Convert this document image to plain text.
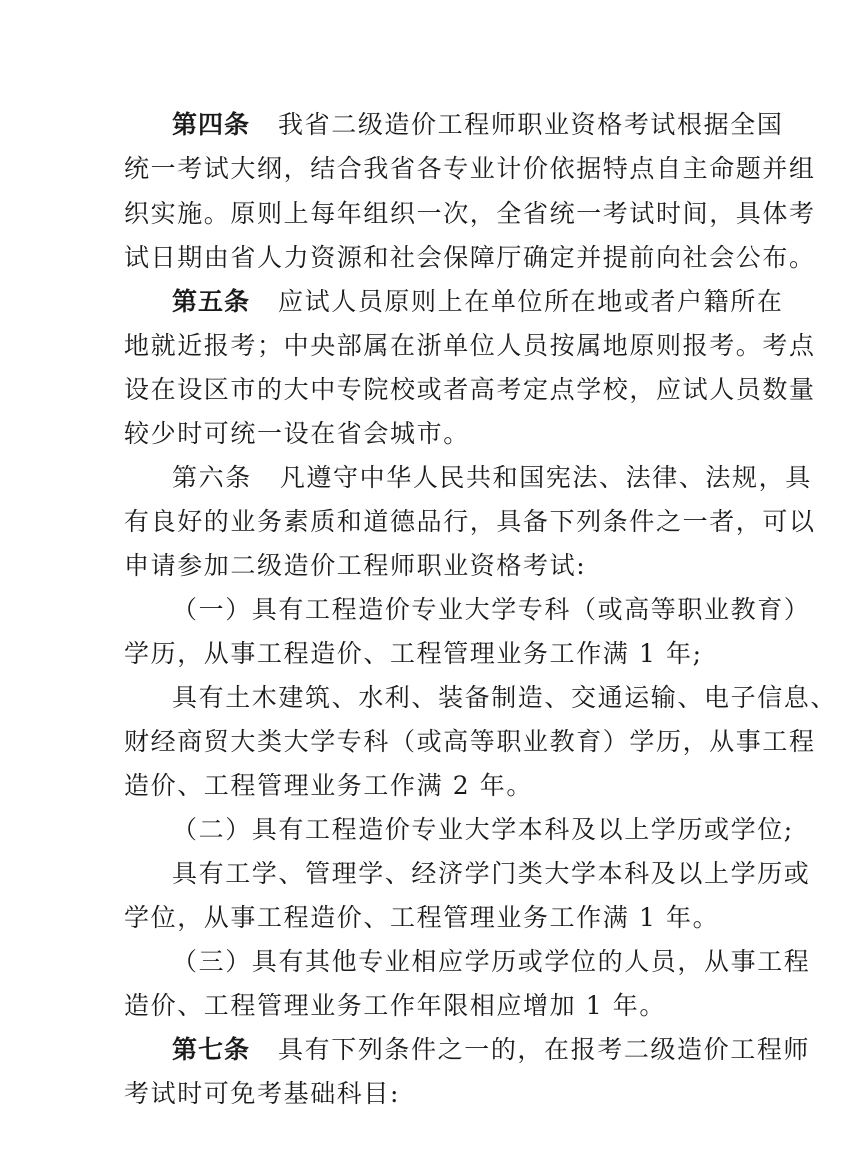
第四条 我省二级造价工程师职业资格考试根据全国
统一考试大纲，结合我省各专业计价依据特点自主命题并组
织实施。原则上每年组织一次，全省统一考试时间，具体考
试日期由省人力资源和社会保障厅确定并提前向社会公布。
第五条 应试人员原则上在单位所在地或者户籍所在
地就近报考；中央部属在浙单位人员按属地原则报考。考点
设在设区市的大中专院校或者高考定点学校，应试人员数量
较少时可统一设在省会城市。
第六条 凡遵守中华人民共和国宪法、法律、法规，具
有良好的业务素质和道德品行，具备下列条件之一者，可以
申请参加二级造价工程师职业资格考试:
（一）具有工程造价专业大学专科（或高等职业教育）
学历，从事工程造价、工程管理业务工作满 1 年;
具有土木建筑、水利、装备制造、交通运输、电子信息、
财经商贸大类大学专科（或高等职业教育）学历，从事工程
造价、工程管理业务工作满 2 年。
（二）具有工程造价专业大学本科及以上学历或学位;
具有工学、管理学、经济学门类大学本科及以上学历或
学位，从事工程造价、工程管理业务工作满 1 年。
（三）具有其他专业相应学历或学位的人员，从事工程
造价、工程管理业务工作年限相应增加 1 年。
第七条 具有下列条件之一的，在报考二级造价工程师
考试时可免考基础科目:
